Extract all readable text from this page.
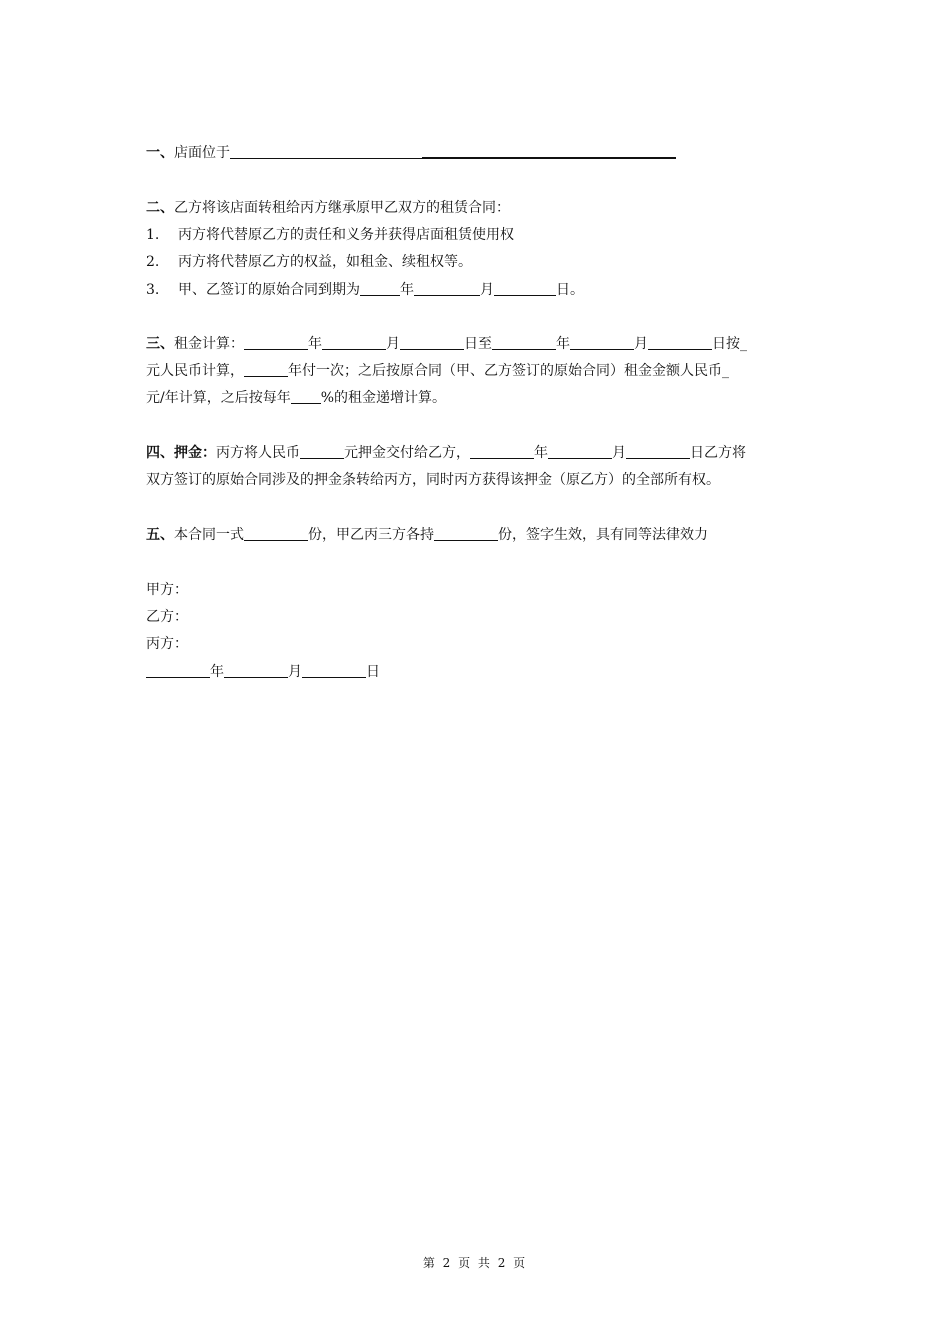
一、店面位于
二、乙方将该店面转租给丙方继承原甲乙双方的租赁合同：
1. 丙方将代替原乙方的责任和义务并获得店面租赁使用权
2. 丙方将代替原乙方的权益，如租金、续租权等。
3. 甲、乙签订的原始合同到期为	年	月	日。
三、租金计算：	年	月	日至	年	月	日按_
元人民币计算，	年付一次；之后按原合同（甲、乙方签订的原始合同）租金金额人民币_
元/年计算，之后按每年 %的租金递增计算。
四、押金：丙方将人民币	元押金交付给乙方，	年	月	日乙方将
双方签订的原始合同涉及的押金条转给丙方，同时丙方获得该押金（原乙方）的全部所有权。
五、本合同一式	份，甲乙丙三方各持	份，签字生效，具有同等法律效力
甲方：
乙方：
丙方：
年	月	日
第 2 页 共 2 页
